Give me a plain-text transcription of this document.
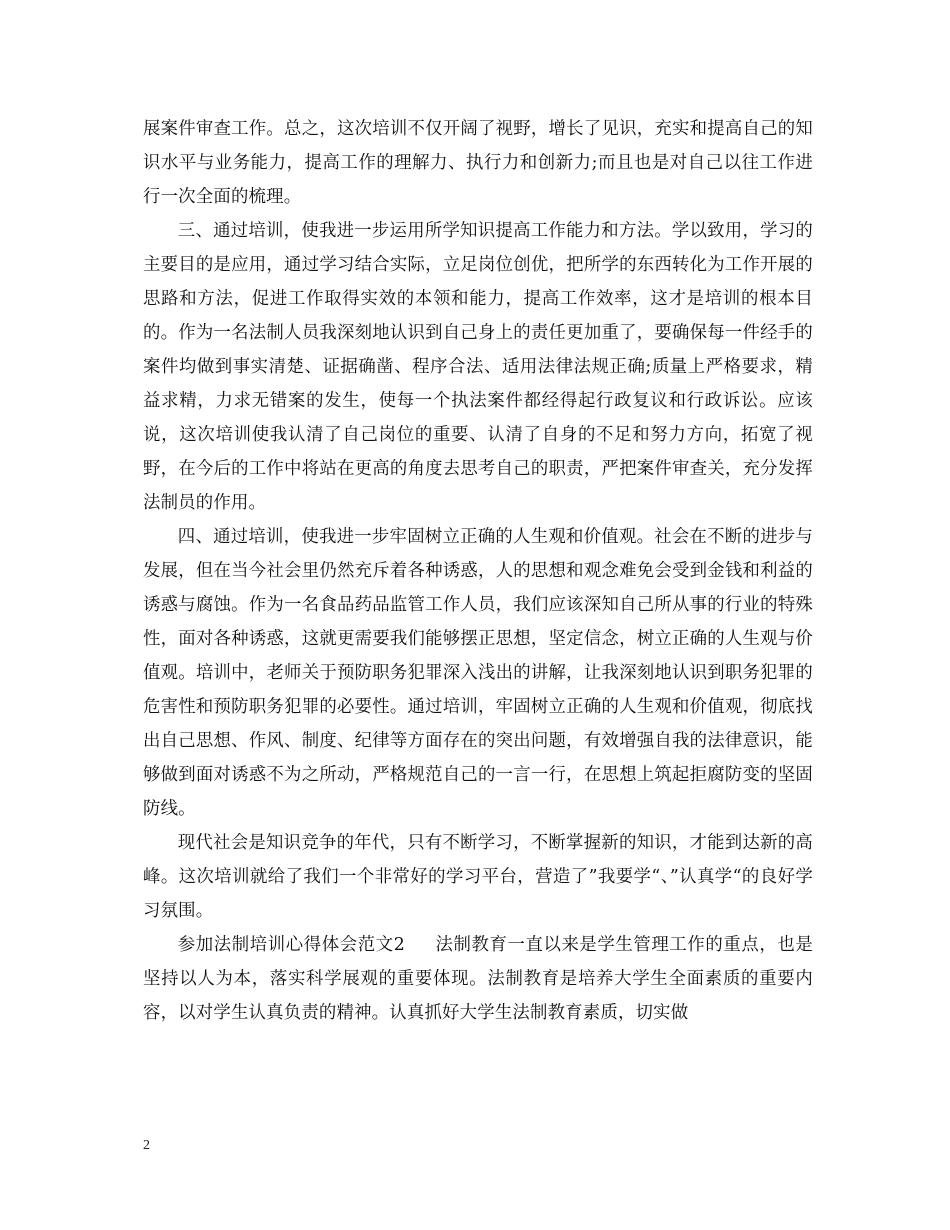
展案件审查工作。总之，这次培训不仅开阔了视野，增长了见识，充实和提高自己的知识水平与业务能力，提高工作的理解力、执行力和创新力;而且也是对自己以往工作进行一次全面的梳理。

三、通过培训，使我进一步运用所学知识提高工作能力和方法。学以致用，学习的主要目的是应用，通过学习结合实际，立足岗位创优，把所学的东西转化为工作开展的思路和方法，促进工作取得实效的本领和能力，提高工作效率，这才是培训的根本目的。作为一名法制人员我深刻地认识到自己身上的责任更加重了，要确保每一件经手的案件均做到事实清楚、证据确凿、程序合法、适用法律法规正确;质量上严格要求，精益求精，力求无错案的发生，使每一个执法案件都经得起行政复议和行政诉讼。应该说，这次培训使我认清了自己岗位的重要、认清了自身的不足和努力方向，拓宽了视野，在今后的工作中将站在更高的角度去思考自己的职责，严把案件审查关，充分发挥法制员的作用。

四、通过培训，使我进一步牢固树立正确的人生观和价值观。社会在不断的进步与发展，但在当今社会里仍然充斥着各种诱惑，人的思想和观念难免会受到金钱和利益的诱惑与腐蚀。作为一名食品药品监管工作人员，我们应该深知自己所从事的行业的特殊性，面对各种诱惑，这就更需要我们能够摆正思想，坚定信念，树立正确的人生观与价值观。培训中，老师关于预防职务犯罪深入浅出的讲解，让我深刻地认识到职务犯罪的危害性和预防职务犯罪的必要性。通过培训，牢固树立正确的人生观和价值观，彻底找出自己思想、作风、制度、纪律等方面存在的突出问题，有效增强自我的法律意识，能够做到面对诱惑不为之所动，严格规范自己的一言一行，在思想上筑起拒腐防变的坚固防线。

现代社会是知识竞争的年代，只有不断学习，不断掌握新的知识，才能到达新的高峰。这次培训就给了我们一个非常好的学习平台，营造了”我要学“、”认真学“的良好学习氛围。

参加法制培训心得体会范文2 法制教育一直以来是学生管理工作的重点，也是坚持以人为本，落实科学展观的重要体现。法制教育是培养大学生全面素质的重要内容，以对学生认真负责的精神。认真抓好大学生法制教育素质，切实做

2
